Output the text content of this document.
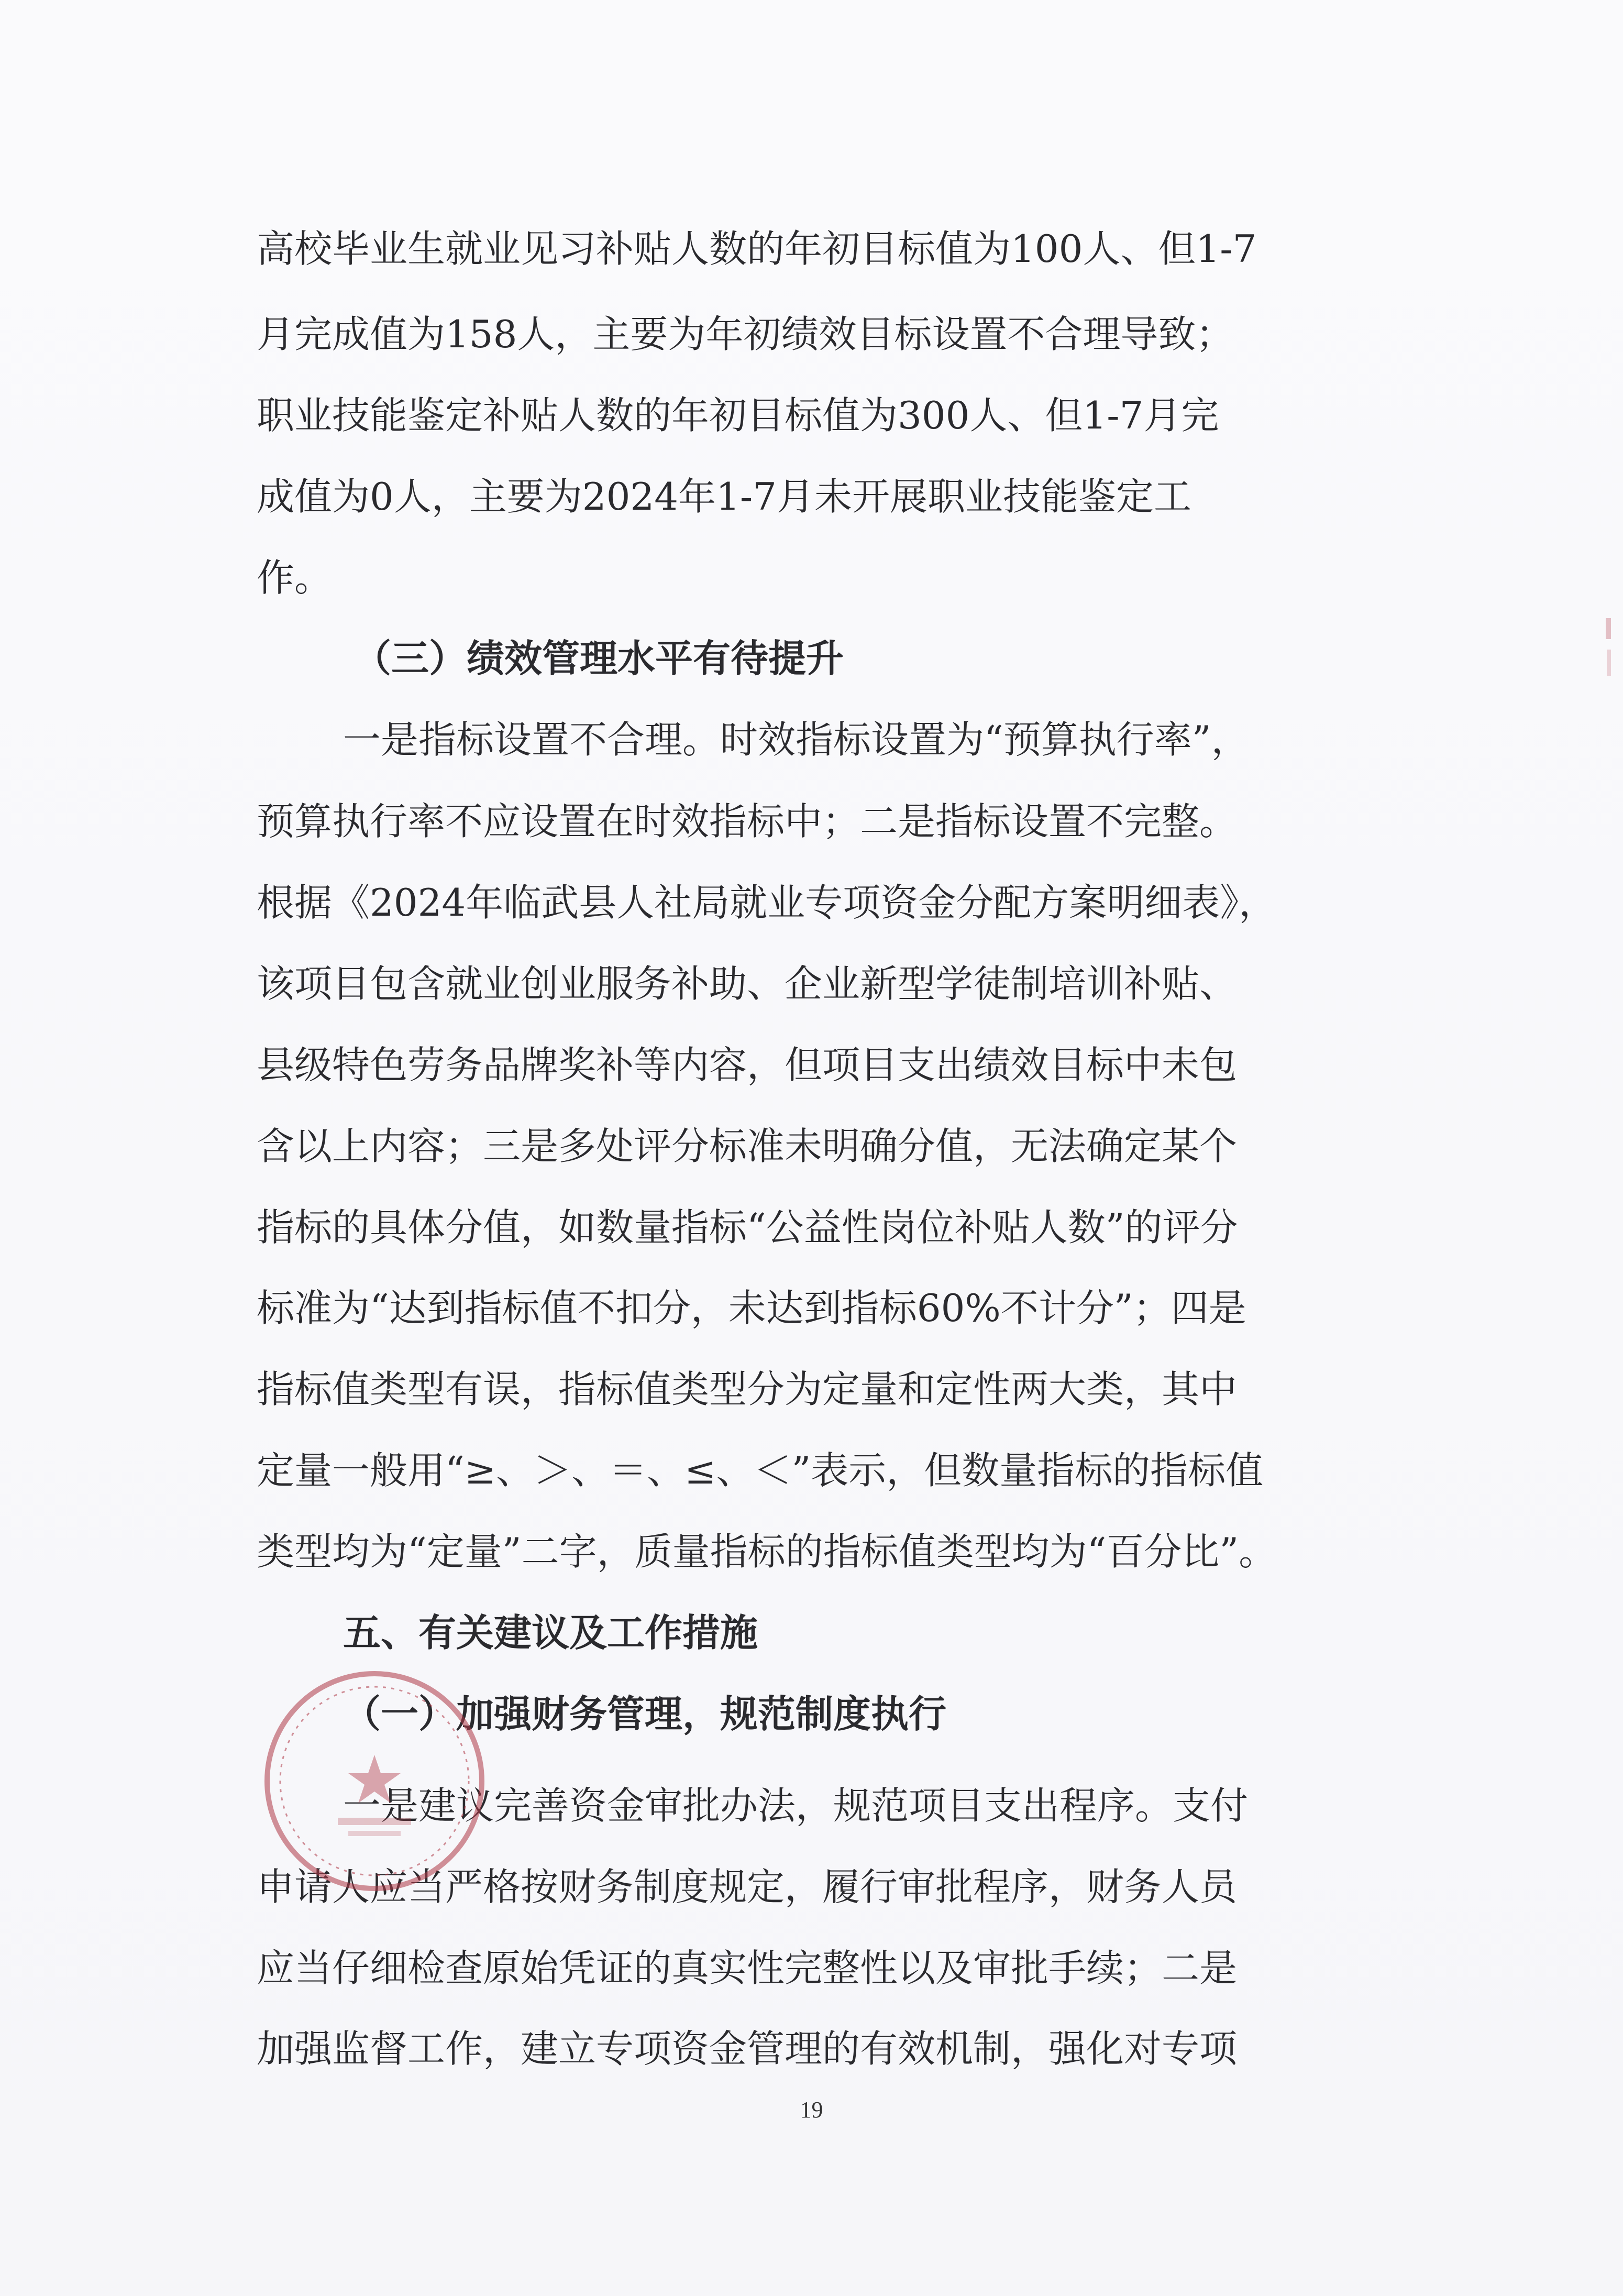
高校毕业生就业见习补贴人数的年初目标值为100人、但1-7
月完成值为158人，主要为年初绩效目标设置不合理导致；
职业技能鉴定补贴人数的年初目标值为300人、但1-7月完
成值为0人，主要为2024年1-7月未开展职业技能鉴定工
作。
（三）绩效管理水平有待提升
一是指标设置不合理。时效指标设置为“预算执行率”，
预算执行率不应设置在时效指标中；二是指标设置不完整。
根据《2024年临武县人社局就业专项资金分配方案明细表》，
该项目包含就业创业服务补助、企业新型学徒制培训补贴、
县级特色劳务品牌奖补等内容，但项目支出绩效目标中未包
含以上内容；三是多处评分标准未明确分值，无法确定某个
指标的具体分值，如数量指标“公益性岗位补贴人数”的评分
标准为“达到指标值不扣分，未达到指标60%不计分”；四是
指标值类型有误，指标值类型分为定量和定性两大类，其中
定量一般用“≥、＞、＝、≤、＜”表示，但数量指标的指标值
类型均为“定量”二字，质量指标的指标值类型均为“百分比”。
五、有关建议及工作措施
（一）加强财务管理，规范制度执行
一是建议完善资金审批办法，规范项目支出程序。支付
申请人应当严格按财务制度规定，履行审批程序，财务人员
应当仔细检查原始凭证的真实性完整性以及审批手续；二是
加强监督工作，建立专项资金管理的有效机制，强化对专项
19
